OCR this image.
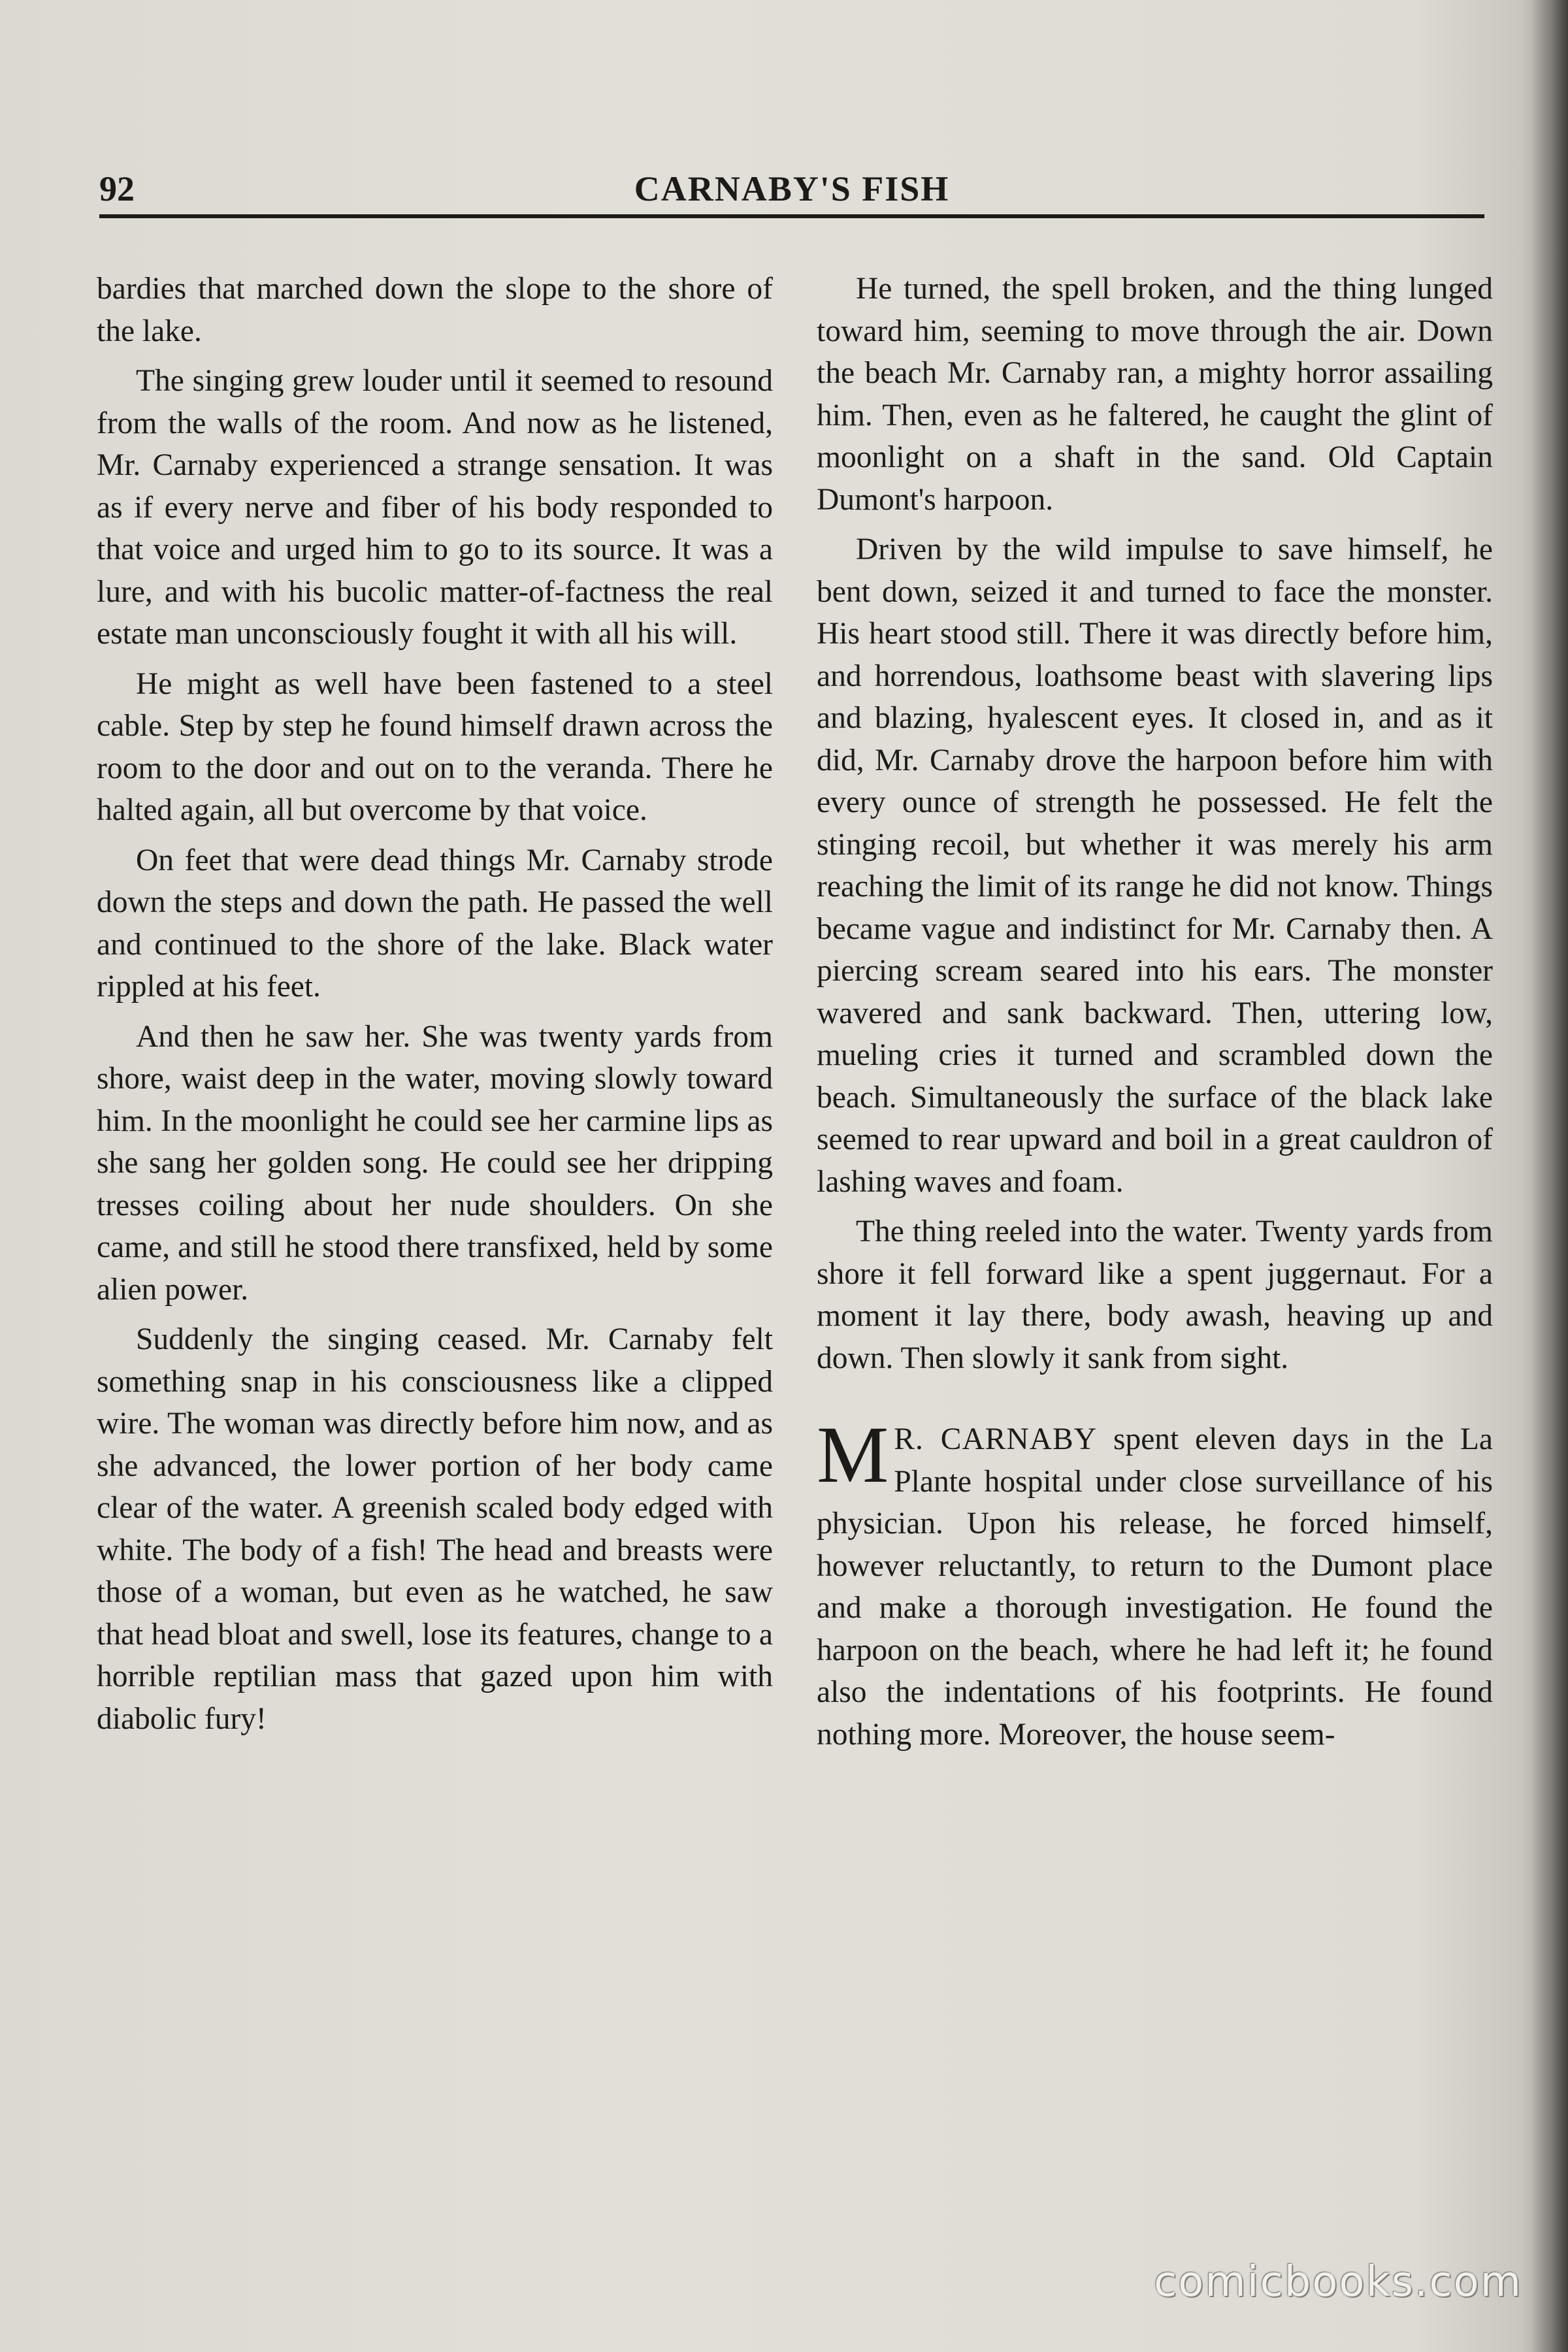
92	CARNABY'S FISH

bardies that marched down the slope to the shore of the lake.

The singing grew louder until it seemed to resound from the walls of the room. And now as he listened, Mr. Carnaby experienced a strange sensation. It was as if every nerve and fiber of his body responded to that voice and urged him to go to its source. It was a lure, and with his bucolic matter-of-factness the real estate man unconsciously fought it with all his will.

He might as well have been fastened to a steel cable. Step by step he found himself drawn across the room to the door and out on to the veranda. There he halted again, all but overcome by that voice.

On feet that were dead things Mr. Carnaby strode down the steps and down the path. He passed the well and continued to the shore of the lake. Black water rippled at his feet.

And then he saw her. She was twenty yards from shore, waist deep in the water, moving slowly toward him. In the moonlight he could see her carmine lips as she sang her golden song. He could see her dripping tresses coiling about her nude shoulders. On she came, and still he stood there transfixed, held by some alien power.

Suddenly the singing ceased. Mr. Carnaby felt something snap in his consciousness like a clipped wire. The woman was directly before him now, and as she advanced, the lower portion of her body came clear of the water. A greenish scaled body edged with white. The body of a fish! The head and breasts were those of a woman, but even as he watched, he saw that head bloat and swell, lose its features, change to a horrible reptilian mass that gazed upon him with diabolic fury!

He turned, the spell broken, and the thing lunged toward him, seeming to move through the air. Down the beach Mr. Carnaby ran, a mighty horror assailing him. Then, even as he faltered, he caught the glint of moonlight on a shaft in the sand. Old Captain Dumont's harpoon.

Driven by the wild impulse to save himself, he bent down, seized it and turned to face the monster. His heart stood still. There it was directly before him, and horrendous, loathsome beast with slavering lips and blazing, hyalescent eyes. It closed in, and as it did, Mr. Carnaby drove the harpoon before him with every ounce of strength he possessed. He felt the stinging recoil, but whether it was merely his arm reaching the limit of its range he did not know. Things became vague and indistinct for Mr. Carnaby then. A piercing scream seared into his ears. The monster wavered and sank backward. Then, uttering low, mueling cries it turned and scrambled down the beach. Simultaneously the surface of the black lake seemed to rear upward and boil in a great cauldron of lashing waves and foam.

The thing reeled into the water. Twenty yards from shore it fell forward like a spent juggernaut. For a moment it lay there, body awash, heaving up and down. Then slowly it sank from sight.

M R. CARNABY spent eleven days in the La Plante hospital under close surveillance of his physician. Upon his release, he forced himself, however reluctantly, to return to the Dumont place and make a thorough investigation. He found the harpoon on the beach, where he had left it; he found also the indentations of his footprints. He found nothing more. Moreover, the house seem-

comicbooks.com
